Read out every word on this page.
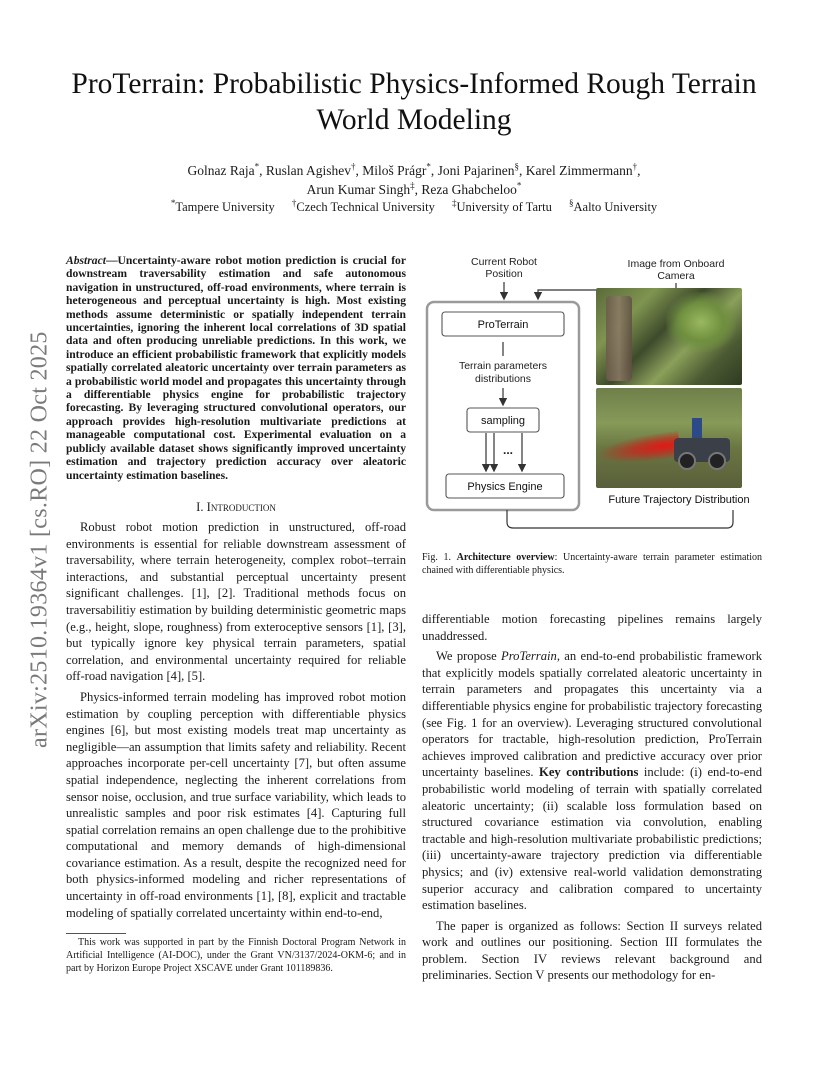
arXiv:2510.19364v1 [cs.RO] 22 Oct 2025
ProTerrain: Probabilistic Physics-Informed Rough Terrain World Modeling
Golnaz Raja*, Ruslan Agishev†, Miloš Prágr*, Joni Pajarinen§, Karel Zimmermann†,
Arun Kumar Singh‡, Reza Ghabcheloo*
*Tampere University †Czech Technical University ‡University of Tartu §Aalto University
Abstract—Uncertainty-aware robot motion prediction is crucial for downstream traversability estimation and safe autonomous navigation in unstructured, off-road environments, where terrain is heterogeneous and perceptual uncertainty is high. Most existing methods assume deterministic or spatially independent terrain uncertainties, ignoring the inherent local correlations of 3D spatial data and often producing unreliable predictions. In this work, we introduce an efficient probabilistic framework that explicitly models spatially correlated aleatoric uncertainty over terrain parameters as a probabilistic world model and propagates this uncertainty through a differentiable physics engine for probabilistic trajectory forecasting. By leveraging structured convolutional operators, our approach provides high-resolution multivariate predictions at manageable computational cost. Experimental evaluation on a publicly available dataset shows significantly improved uncertainty estimation and trajectory prediction accuracy over aleatoric uncertainty estimation baselines.
I. Introduction

Robust robot motion prediction in unstructured, off-road environments is essential for reliable downstream assessment of traversability, where terrain heterogeneity, complex robot–terrain interactions, and substantial perceptual uncertainty present significant challenges. [1], [2]. Traditional methods focus on traversabilitiy estimation by building deterministic geometric maps (e.g., height, slope, roughness) from exteroceptive sensors [1], [3], but typically ignore key physical terrain parameters, spatial correlation, and environmental uncertainty required for reliable off-road navigation [4], [5].

Physics-informed terrain modeling has improved robot motion estimation by coupling perception with differentiable physics engines [6], but most existing models treat map uncertainty as negligible—an assumption that limits safety and reliability. Recent approaches incorporate per-cell uncertainty [7], but often assume spatial independence, neglecting the inherent correlations from sensor noise, occlusion, and true surface variability, which leads to unrealistic samples and poor risk estimates [4]. Capturing full spatial correlation remains an open challenge due to the prohibitive computational and memory demands of high-dimensional covariance estimation. As a result, despite the recognized need for both physics-informed modeling and richer representations of uncertainty in off-road environments [1], [8], explicit and tractable modeling of spatially correlated uncertainty within end-to-end,

This work was supported in part by the Finnish Doctoral Program Network in Artificial Intelligence (AI-DOC), under the Grant VN/3137/2024-OKM-6; and in part by Horizon Europe Project XSCAVE under Grant 101189836.
Current Robot
Position
Image from Onboard
Camera
ProTerrain
Terrain parameters
distributions
sampling
...
Physics Engine
Future Trajectory Distribution
Fig. 1. Architecture overview: Uncertainty-aware terrain parameter estimation chained with differentiable physics.

differentiable motion forecasting pipelines remains largely unaddressed.

We propose ProTerrain, an end-to-end probabilistic framework that explicitly models spatially correlated aleatoric uncertainty in terrain parameters and propagates this uncertainty via a differentiable physics engine for probabilistic trajectory forecasting (see Fig. 1 for an overview). Leveraging structured convolutional operators for tractable, high-resolution prediction, ProTerrain achieves improved calibration and predictive accuracy over prior uncertainty baselines. Key contributions include: (i) end-to-end probabilistic world modeling of terrain with spatially correlated aleatoric uncertainty; (ii) scalable loss formulation based on structured covariance estimation via convolution, enabling tractable and high-resolution multivariate probabilistic predictions; (iii) uncertainty-aware trajectory prediction via differentiable physics; and (iv) extensive real-world validation demonstrating superior accuracy and calibration compared to uncertainty estimation baselines.

The paper is organized as follows: Section II surveys related work and outlines our positioning. Section III formulates the problem. Section IV reviews relevant background and preliminaries. Section V presents our methodology for en-
